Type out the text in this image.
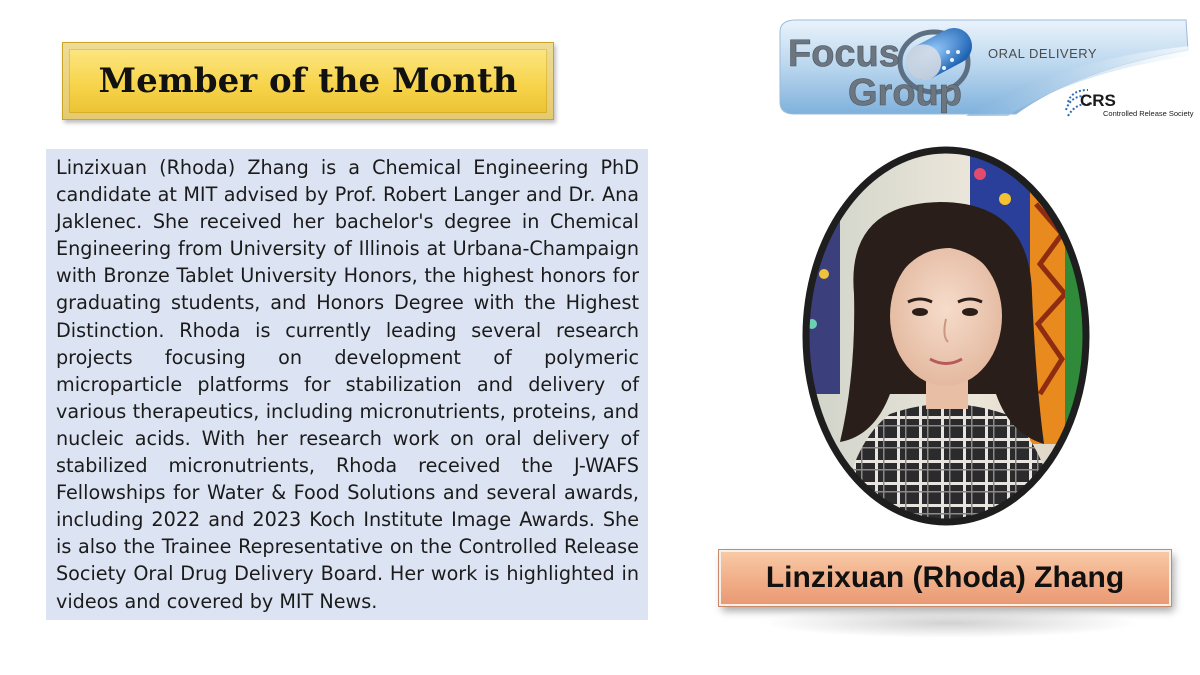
Member of the Month

Linzixuan (Rhoda) Zhang is a Chemical Engineering PhD candidate at MIT advised by Prof. Robert Langer and Dr. Ana Jaklenec. She received her bachelor's degree in Chemical Engineering from University of Illinois at Urbana-Champaign with Bronze Tablet University Honors, the highest honors for graduating students, and Honors Degree with the Highest Distinction. Rhoda is currently leading several research projects focusing on development of polymeric microparticle platforms for stabilization and delivery of various therapeutics, including micronutrients, proteins, and nucleic acids. With her research work on oral delivery of stabilized micronutrients, Rhoda received the J-WAFS Fellowships for Water & Food Solutions and several awards, including 2022 and 2023 Koch Institute Image Awards. She is also the Trainee Representative on the Controlled Release Society Oral Drug Delivery Board. Her work is highlighted in videos and covered by MIT News.

Focus
Group
ORAL DELIVERY
CRS
Controlled Release Society
Linzixuan (Rhoda) Zhang
